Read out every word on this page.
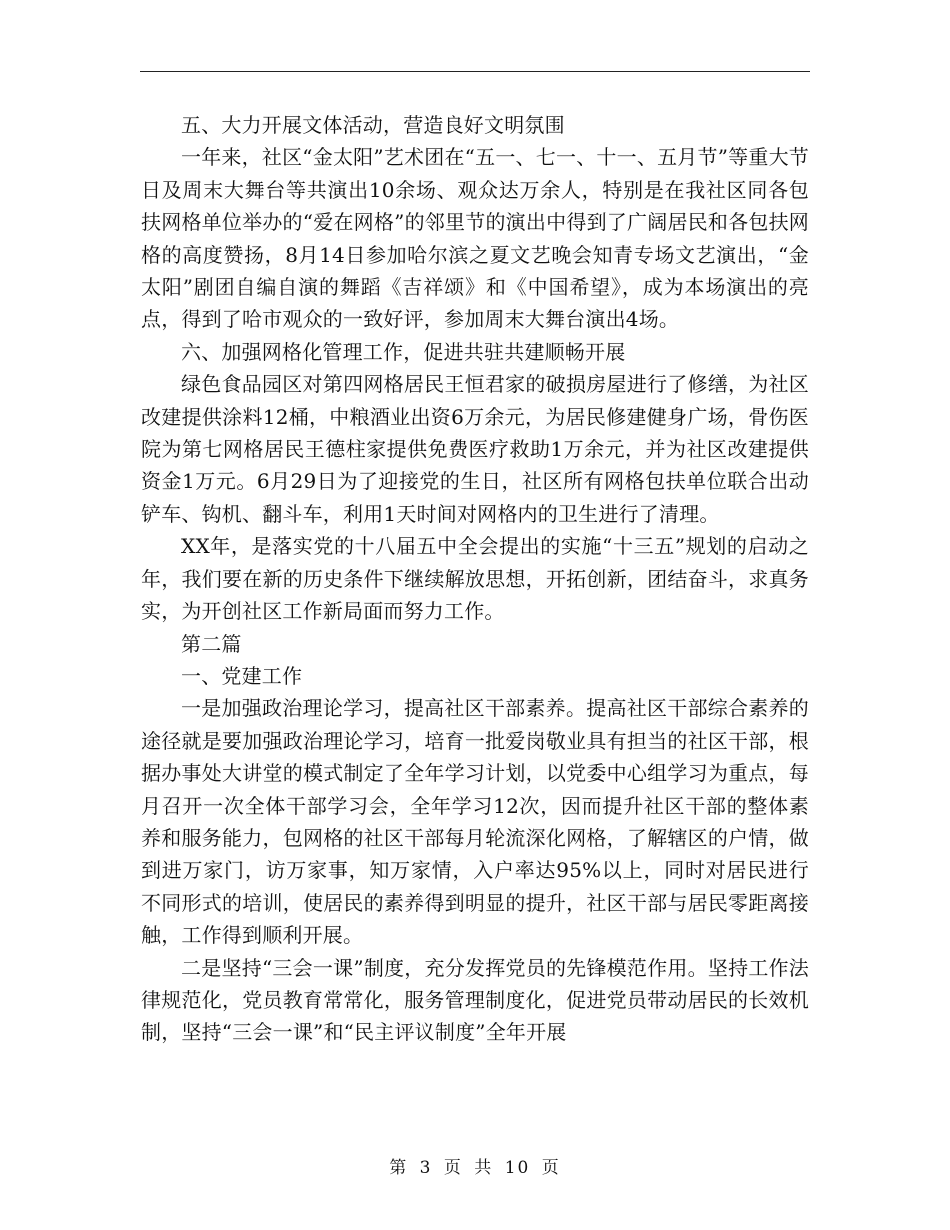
五、大力开展文体活动，营造良好文明氛围

一年来，社区“金太阳”艺术团在“五一、七一、十一、五月节”等重大节日及周末大舞台等共演出10余场、观众达万余人，特别是在我社区同各包扶网格单位举办的“爱在网格”的邻里节的演出中得到了广阔居民和各包扶网格的高度赞扬，8月14日参加哈尔滨之夏文艺晚会知青专场文艺演出，“金太阳”剧团自编自演的舞蹈《吉祥颂》和《中国希望》，成为本场演出的亮点，得到了哈市观众的一致好评，参加周末大舞台演出4场。

六、加强网格化管理工作，促进共驻共建顺畅开展

绿色食品园区对第四网格居民王恒君家的破损房屋进行了修缮，为社区改建提供涂料12桶，中粮酒业出资6万余元，为居民修建健身广场，骨伤医院为第七网格居民王德柱家提供免费医疗救助1万余元，并为社区改建提供资金1万元。6月29日为了迎接党的生日，社区所有网格包扶单位联合出动铲车、钩机、翻斗车，利用1天时间对网格内的卫生进行了清理。

XX年，是落实党的十八届五中全会提出的实施“十三五”规划的启动之年，我们要在新的历史条件下继续解放思想，开拓创新，团结奋斗，求真务实，为开创社区工作新局面而努力工作。

第二篇

一、党建工作

一是加强政治理论学习，提高社区干部素养。提高社区干部综合素养的途径就是要加强政治理论学习，培育一批爱岗敬业具有担当的社区干部，根据办事处大讲堂的模式制定了全年学习计划，以党委中心组学习为重点，每月召开一次全体干部学习会，全年学习12次，因而提升社区干部的整体素养和服务能力，包网格的社区干部每月轮流深化网格，了解辖区的户情，做到进万家门，访万家事，知万家情，入户率达95%以上，同时对居民进行不同形式的培训，使居民的素养得到明显的提升，社区干部与居民零距离接触，工作得到顺利开展。

二是坚持“三会一课”制度，充分发挥党员的先锋模范作用。坚持工作法律规范化，党员教育常常化，服务管理制度化，促进党员带动居民的长效机制，坚持“三会一课”和“民主评议制度”全年开展

第 3 页 共 10 页
